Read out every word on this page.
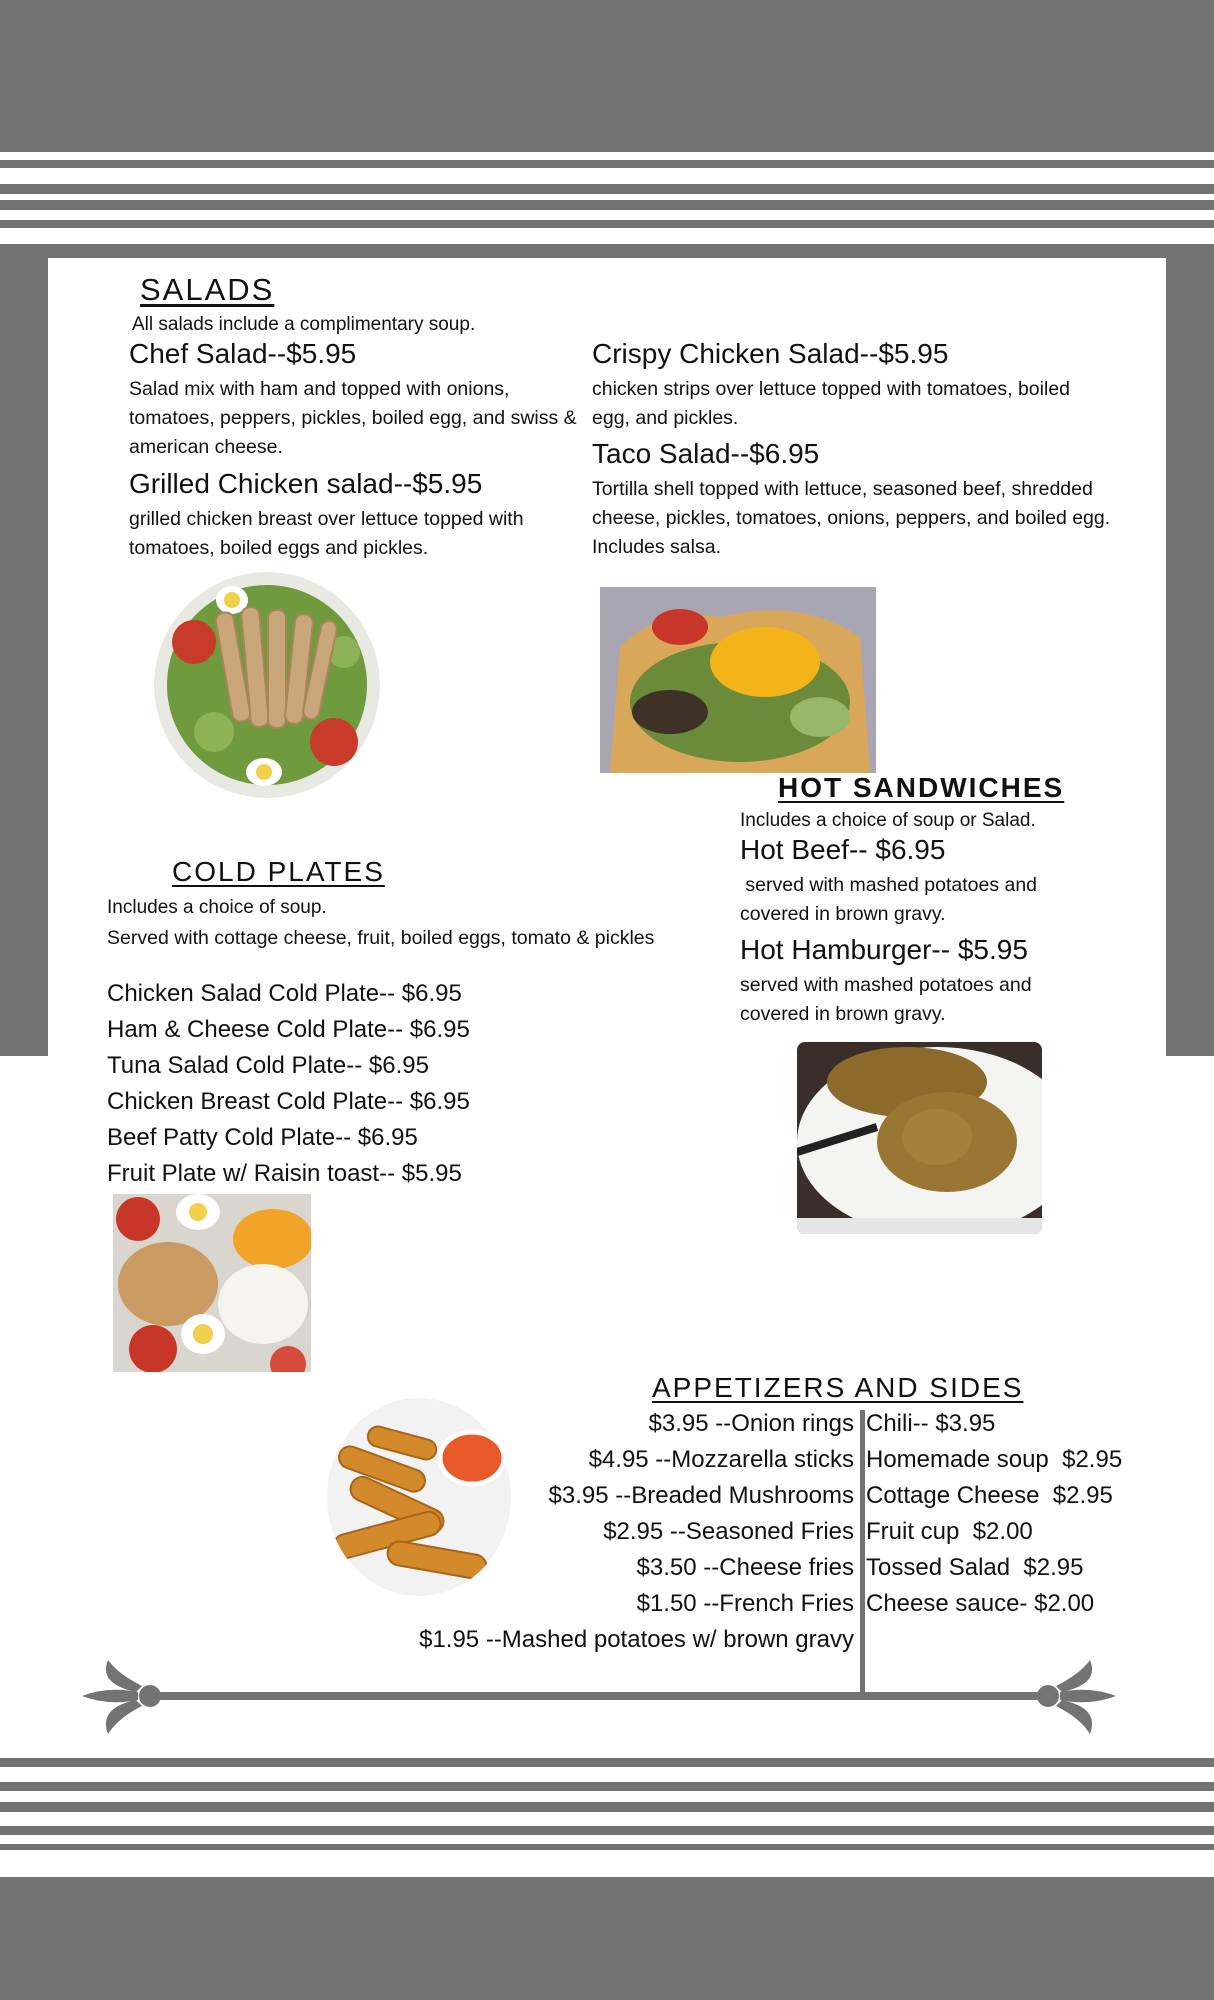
SALADS
All salads include a complimentary soup.
Chef Salad--$5.95
Salad mix with ham and topped with onions, tomatoes, peppers, pickles, boiled egg, and swiss & american cheese.
Grilled Chicken salad--$5.95
grilled chicken breast over lettuce topped with tomatoes, boiled eggs and pickles.
Crispy Chicken Salad--$5.95
chicken strips over lettuce topped with tomatoes, boiled egg, and pickles.
Taco Salad--$6.95
Tortilla shell topped with lettuce, seasoned beef, shredded cheese, pickles, tomatoes, onions, peppers, and boiled egg. Includes salsa.
HOT SANDWICHES
Includes a choice of soup or Salad.
Hot Beef-- $6.95
served with mashed potatoes and covered in brown gravy.
Hot Hamburger-- $5.95
served with mashed potatoes and covered in brown gravy.
COLD PLATES
Includes a choice of soup.
Served with cottage cheese, fruit, boiled eggs, tomato & pickles
Chicken Salad Cold Plate-- $6.95
Ham & Cheese Cold Plate-- $6.95
Tuna Salad Cold Plate-- $6.95
Chicken Breast Cold Plate-- $6.95
Beef Patty Cold Plate-- $6.95
Fruit Plate w/ Raisin toast-- $5.95
APPETIZERS AND SIDES
$3.95 --Onion rings
$4.95 --Mozzarella sticks
$3.95 --Breaded Mushrooms
$2.95 --Seasoned Fries
$3.50 --Cheese fries
$1.50 --French Fries
$1.95 --Mashed potatoes w/ brown gravy
Chili-- $3.95
Homemade soup  $2.95
Cottage Cheese  $2.95
Fruit cup  $2.00
Tossed Salad  $2.95
Cheese sauce- $2.00
